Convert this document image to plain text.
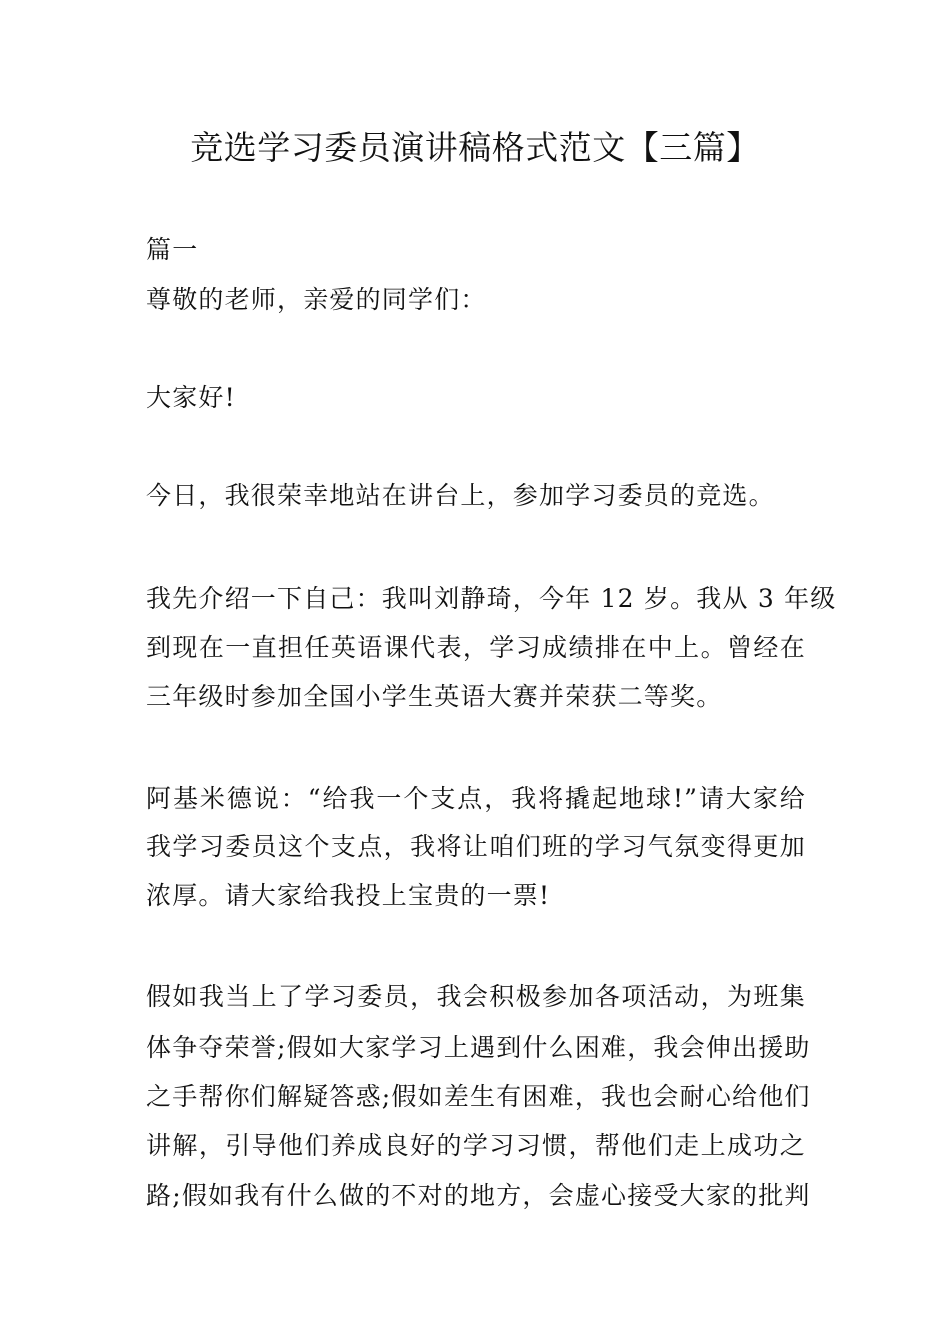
竞选学习委员演讲稿格式范文【三篇】
篇一
尊敬的老师，亲爱的同学们：
大家好!
今日，我很荣幸地站在讲台上，参加学习委员的竞选。
我先介绍一下自己：我叫刘静琦，今年 12 岁。我从 3 年级
到现在一直担任英语课代表，学习成绩排在中上。曾经在
三年级时参加全国小学生英语大赛并荣获二等奖。
阿基米德说：“给我一个支点，我将撬起地球!”请大家给
我学习委员这个支点，我将让咱们班的学习气氛变得更加
浓厚。请大家给我投上宝贵的一票!
假如我当上了学习委员，我会积极参加各项活动，为班集
体争夺荣誉;假如大家学习上遇到什么困难，我会伸出援助
之手帮你们解疑答惑;假如差生有困难，我也会耐心给他们
讲解，引导他们养成良好的学习习惯，帮他们走上成功之
路;假如我有什么做的不对的地方，会虚心接受大家的批判
